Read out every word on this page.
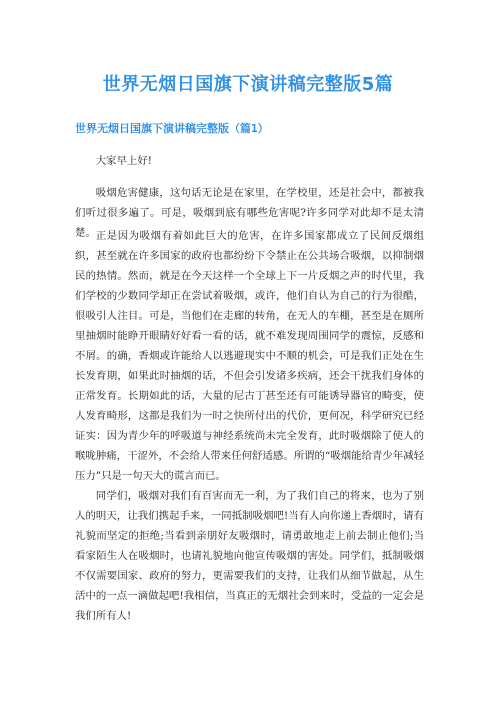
世界无烟日国旗下演讲稿完整版5篇
世界无烟日国旗下演讲稿完整版（篇1）

大家早上好!

吸烟危害健康，这句话无论是在家里，在学校里，还是社会中，都被我们听过很多遍了。可是，吸烟到底有哪些危害呢?许多同学对此却不是太清楚。 正是因为吸烟有着如此巨大的危害，在许多国家都成立了民间反烟组织，甚至就在许多国家的政府也都纷纷下令禁止在公共场合吸烟，以抑制烟民的热情。然而，就是在今天这样一个全球上下一片反烟之声的时代里，我们学校的少数同学却正在尝试着吸烟，或许，他们自认为自己的行为很酷，很吸引人注目。可是，当他们在走廊的转角，在无人的车棚，甚至是在厕所里抽烟时能睁开眼睛好好看一看的话，就不难发现周围同学的震惊，反感和不屑。的确，香烟或许能给人以逃避现实中不顺的机会，可是我们正处在生长发育期，如果此时抽烟的话，不但会引发诸多疾病，还会干扰我们身体的正常发育。长期如此的话，大量的尼古丁甚至还有可能诱导器官的畸变，使人发育畸形，这都是我们为一时之快所付出的代价，更何况，科学研究已经证实：因为青少年的呼吸道与神经系统尚未完全发育，此时吸烟除了使人的喉咙肿痛，干涩外，不会给人带来任何舒适感。所谓的“吸烟能给青少年减轻压力”只是一句天大的谎言而已。

同学们，吸烟对我们有百害而无一利，为了我们自己的将来，也为了别人的明天，让我们携起手来，一同抵制吸烟吧!当有人向你递上香烟时，请有礼貌而坚定的拒绝;当看到亲朋好友吸烟时，请勇敢地走上前去制止他们;当看家陌生人在吸烟时，也请礼貌地向他宣传吸烟的害处。同学们，抵制吸烟不仅需要国家、政府的努力，更需要我们的支持，让我们从细节做起，从生活中的一点一滴做起吧!我相信，当真正的无烟社会到来时，受益的一定会是我们所有人!
